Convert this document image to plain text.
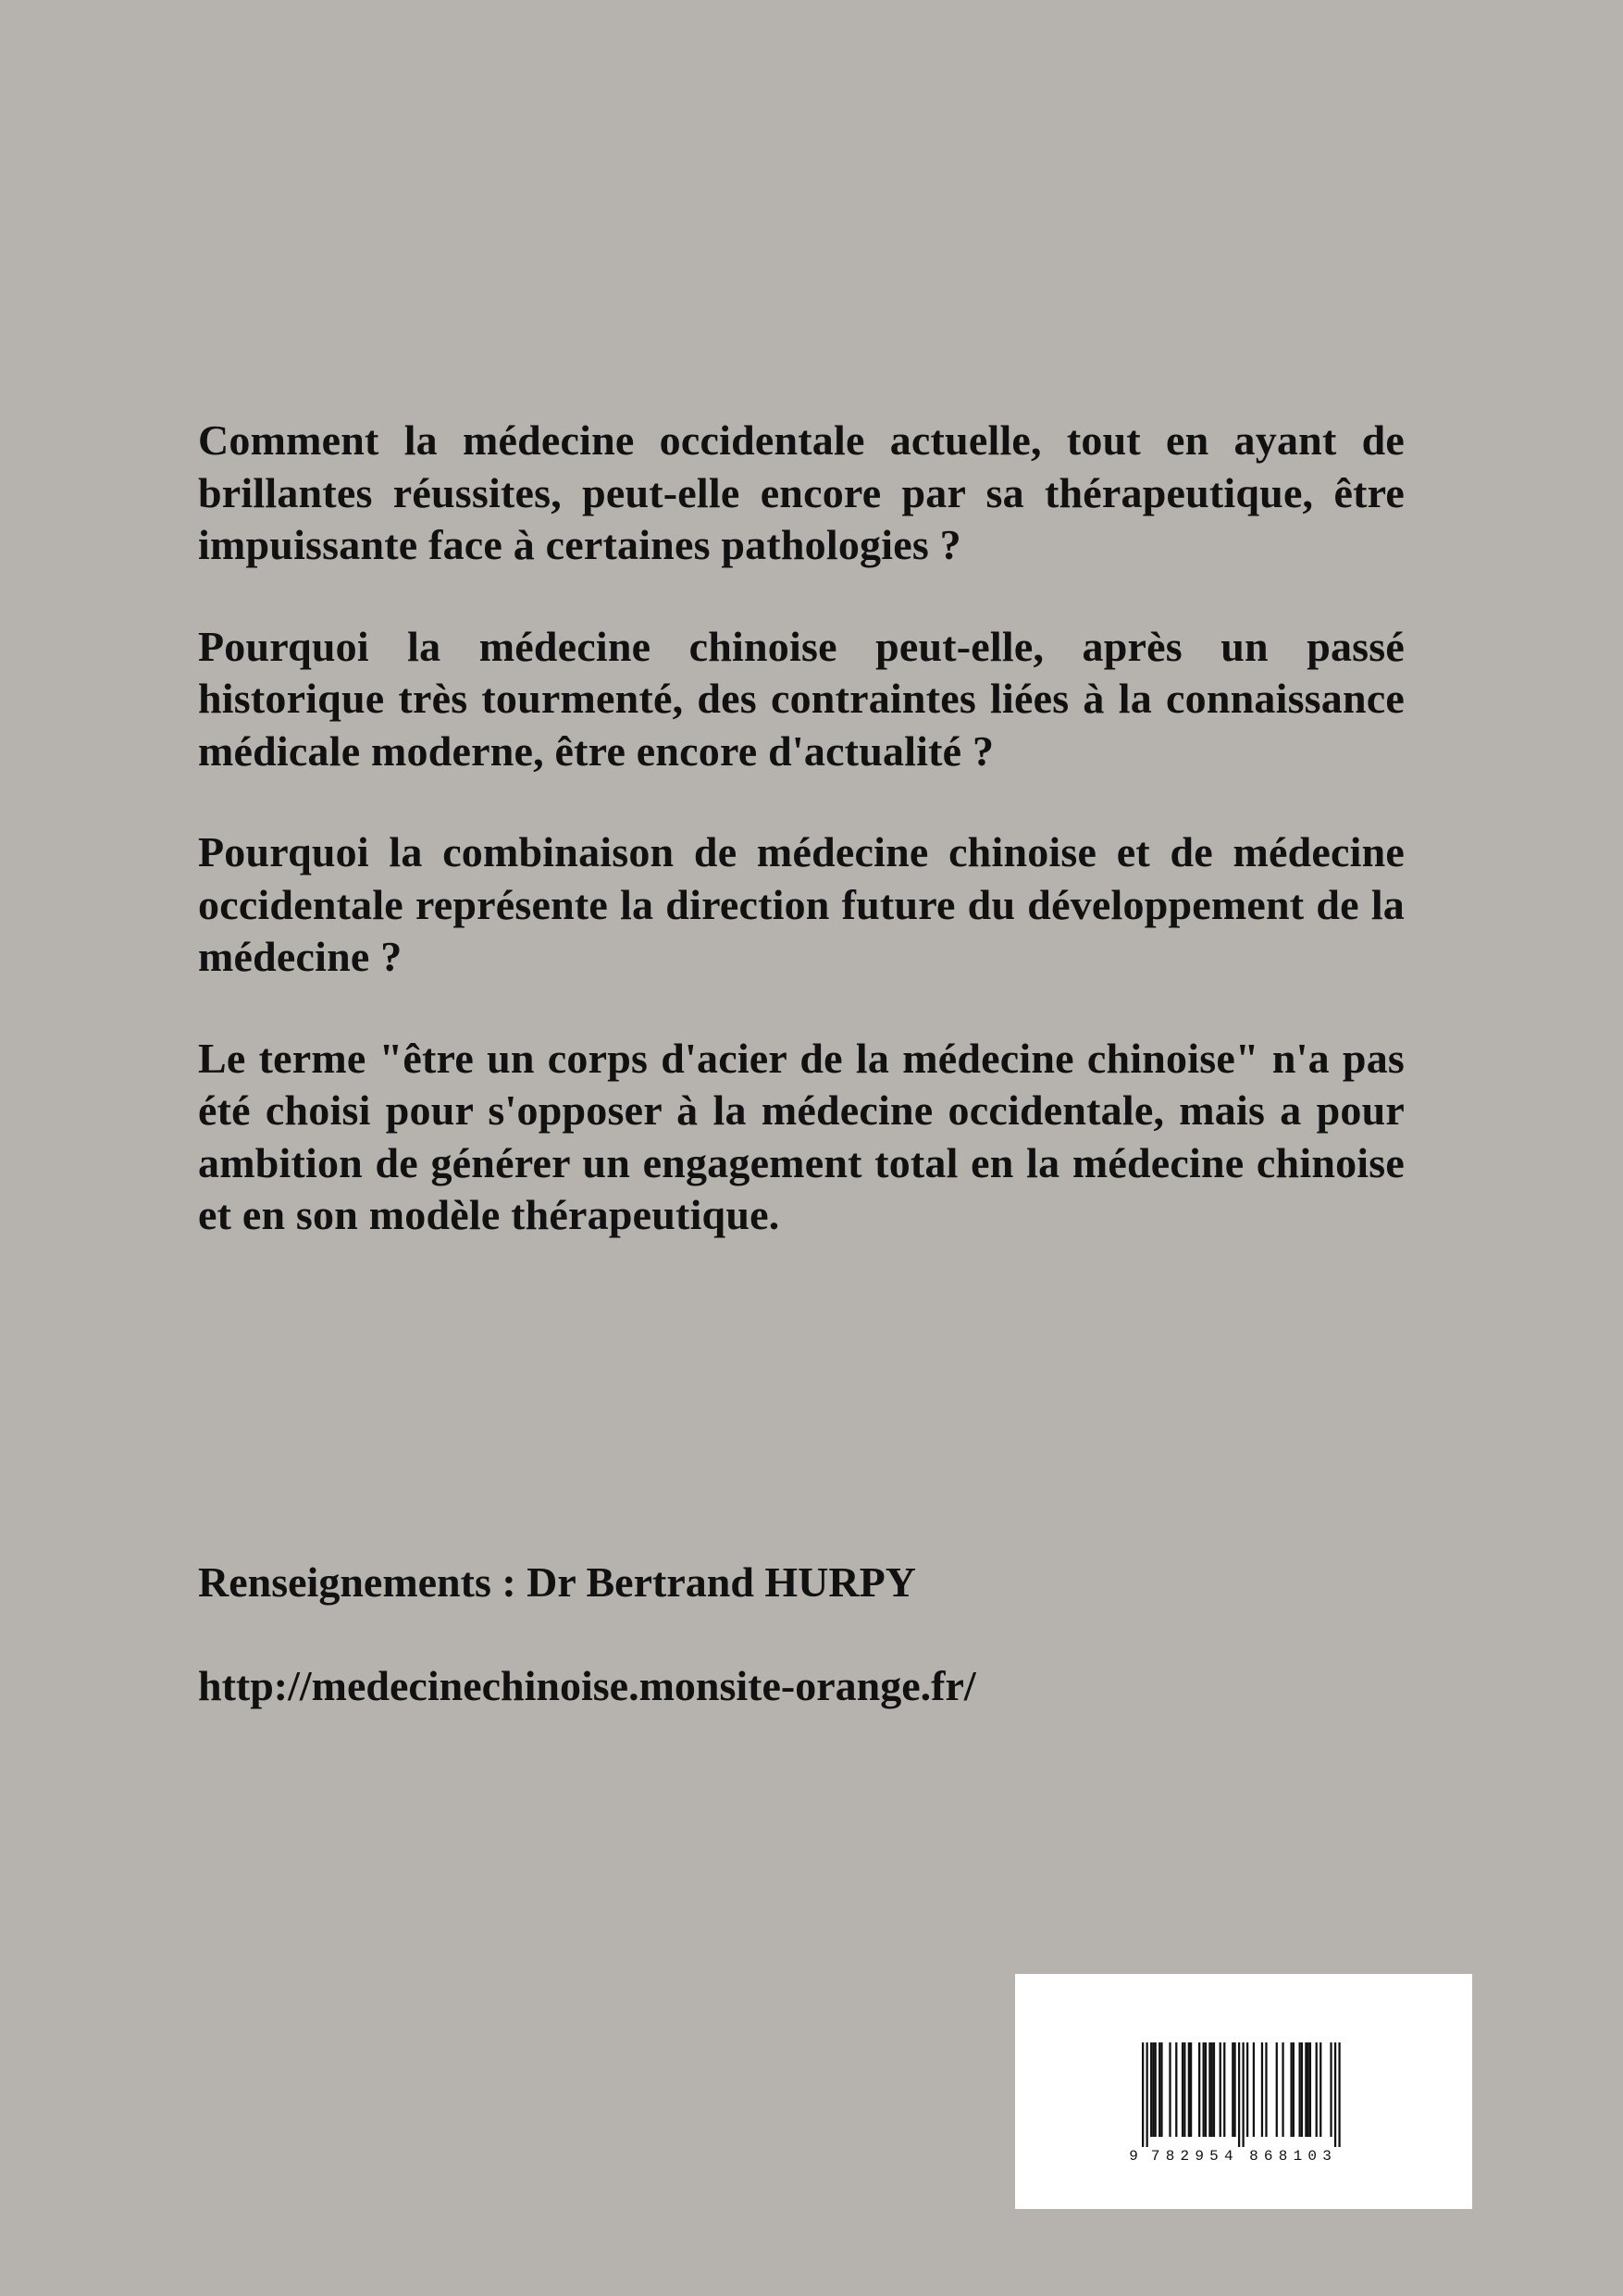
Comment la médecine occidentale actuelle, tout en ayant de brillantes réussites, peut-elle encore par sa thérapeutique, être impuissante face à certaines pathologies ?

Pourquoi la médecine chinoise peut-elle, après un passé historique très tourmenté, des contraintes liées à la connaissance médicale moderne, être encore d'actualité ?

Pourquoi la combinaison de médecine chinoise et de médecine occidentale représente la direction future du développement de la médecine ?

Le terme "être un corps d'acier de la médecine chinoise" n'a pas été choisi pour s'opposer à la médecine occidentale, mais a pour ambition de générer un engagement total en la médecine chinoise et en son modèle thérapeutique.

Renseignements : Dr Bertrand HURPY
http://medecinechinoise.monsite-orange.fr/
9 7 8 2 9 5 4 8 6 8 1 0 3
